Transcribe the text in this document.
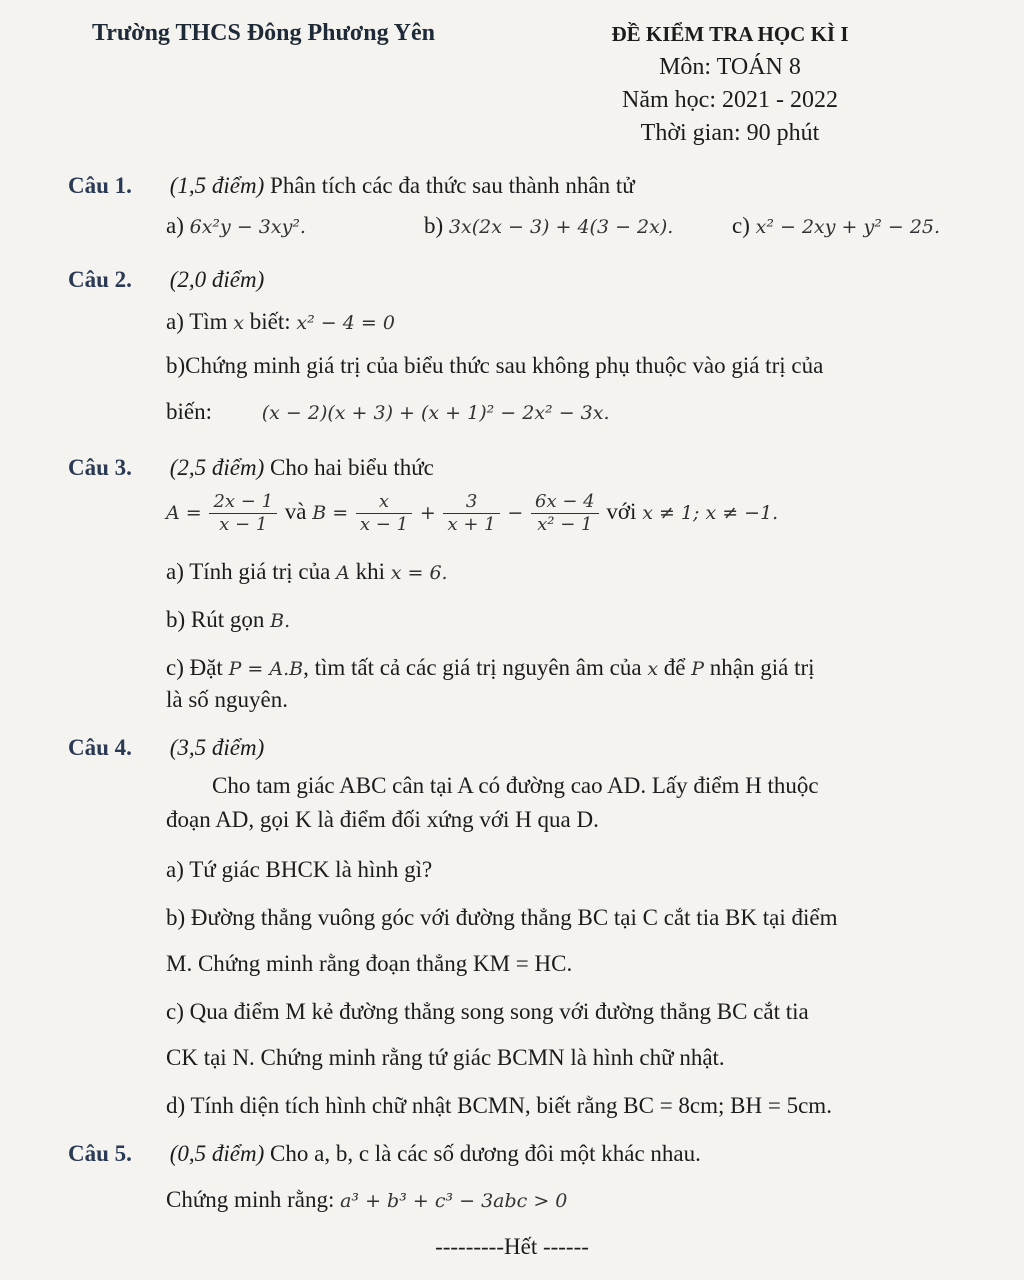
Trường THCS Đông Phương Yên	ĐỀ KIỂM TRA HỌC KÌ I
Môn: TOÁN 8
Năm học: 2021 - 2022
Thời gian: 90 phút
Câu 1. (1,5 điểm) Phân tích các đa thức sau thành nhân tử
a) 6x²y − 3xy².	b) 3x(2x − 3) + 4(3 − 2x).	c) x² − 2xy + y² − 25.
Câu 2. (2,0 điểm)
a) Tìm x biết: x² − 4 = 0
b)Chứng minh giá trị của biểu thức sau không phụ thuộc vào giá trị của
biến:	(x − 2)(x + 3) + (x + 1)² − 2x² − 3x.
Câu 3. (2,5 điểm) Cho hai biểu thức
$A = \frac{2x - 1}{x - 1}$ và $B = \frac{x}{x - 1} + \frac{3}{x + 1} - \frac{6x - 4}{\text{x² − 1}}$ với x ≠ 1; x ≠ −1.
a) Tính giá trị của A khi x = 6.
b) Rút gọn B.
c) Đặt P = A.B, tìm tất cả các giá trị nguyên âm của x để P nhận giá trị
là số nguyên.
Câu 4. (3,5 điểm)
Cho tam giác ABC cân tại A có đường cao AD. Lấy điểm H thuộc
đoạn AD, gọi K là điểm đối xứng với H qua D.
a) Tứ giác BHCK là hình gì?
b) Đường thẳng vuông góc với đường thẳng BC tại C cắt tia BK tại điểm
M. Chứng minh rằng đoạn thẳng KM = HC.
c) Qua điểm M kẻ đường thẳng song song với đường thẳng BC cắt tia
CK tại N. Chứng minh rằng tứ giác BCMN là hình chữ nhật.
d) Tính diện tích hình chữ nhật BCMN, biết rằng BC = 8cm; BH = 5cm.
Câu 5. (0,5 điểm) Cho a, b, c là các số dương đôi một khác nhau.
Chứng minh rằng: a³ + b³ + c³ − 3abc > 0
---------Hết ------
